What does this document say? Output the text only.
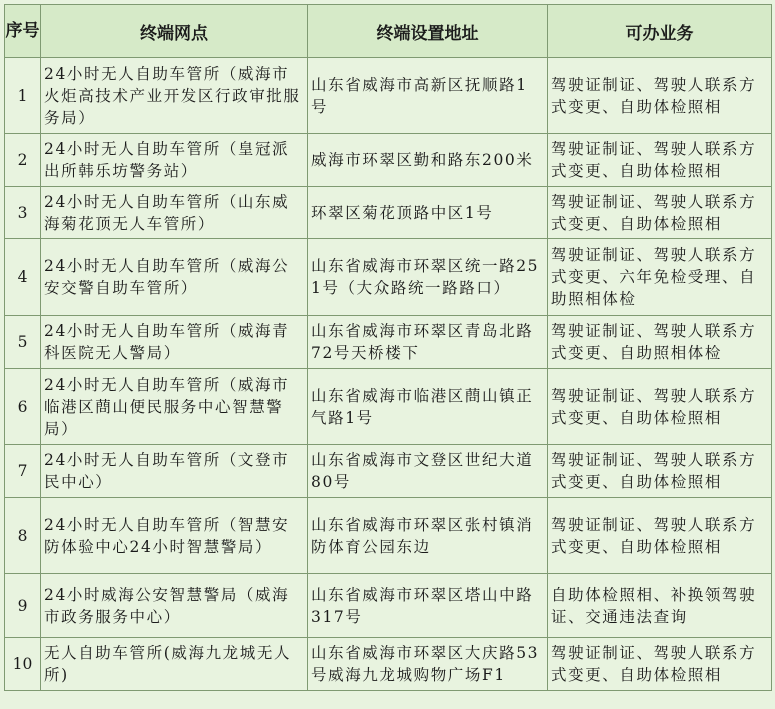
序号	终端网点	终端设置地址	可办业务
1	24小时无人自助车管所（威海市火炬高技术产业开发区行政审批服务局）	山东省威海市高新区抚顺路1号	驾驶证制证、驾驶人联系方式变更、自助体检照相
2	24小时无人自助车管所（皇冠派出所韩乐坊警务站）	威海市环翠区勤和路东200米	驾驶证制证、驾驶人联系方式变更、自助体检照相
3	24小时无人自助车管所（山东威海菊花顶无人车管所）	环翠区菊花顶路中区1号	驾驶证制证、驾驶人联系方式变更、自助体检照相
4	24小时无人自助车管所（威海公安交警自助车管所）	山东省威海市环翠区统一路251号（大众路统一路路口）	驾驶证制证、驾驶人联系方式变更、六年免检受理、自助照相体检
5	24小时无人自助车管所（威海青科医院无人警局）	山东省威海市环翠区青岛北路72号天桥楼下	驾驶证制证、驾驶人联系方式变更、自助照相体检
6	24小时无人自助车管所（威海市临港区蔄山便民服务中心智慧警局）	山东省威海市临港区蔄山镇正气路1号	驾驶证制证、驾驶人联系方式变更、自助体检照相
7	24小时无人自助车管所（文登市民中心）	山东省威海市文登区世纪大道80号	驾驶证制证、驾驶人联系方式变更、自助体检照相
8	24小时无人自助车管所（智慧安防体验中心24小时智慧警局）	山东省威海市环翠区张村镇消防体育公园东边	驾驶证制证、驾驶人联系方式变更、自助体检照相
9	24小时威海公安智慧警局（威海市政务服务中心）	山东省威海市环翠区塔山中路317号	自助体检照相、补换领驾驶证、交通违法查询
10	无人自助车管所(威海九龙城无人所)	山东省威海市环翠区大庆路53号威海九龙城购物广场F1	驾驶证制证、驾驶人联系方式变更、自助体检照相
